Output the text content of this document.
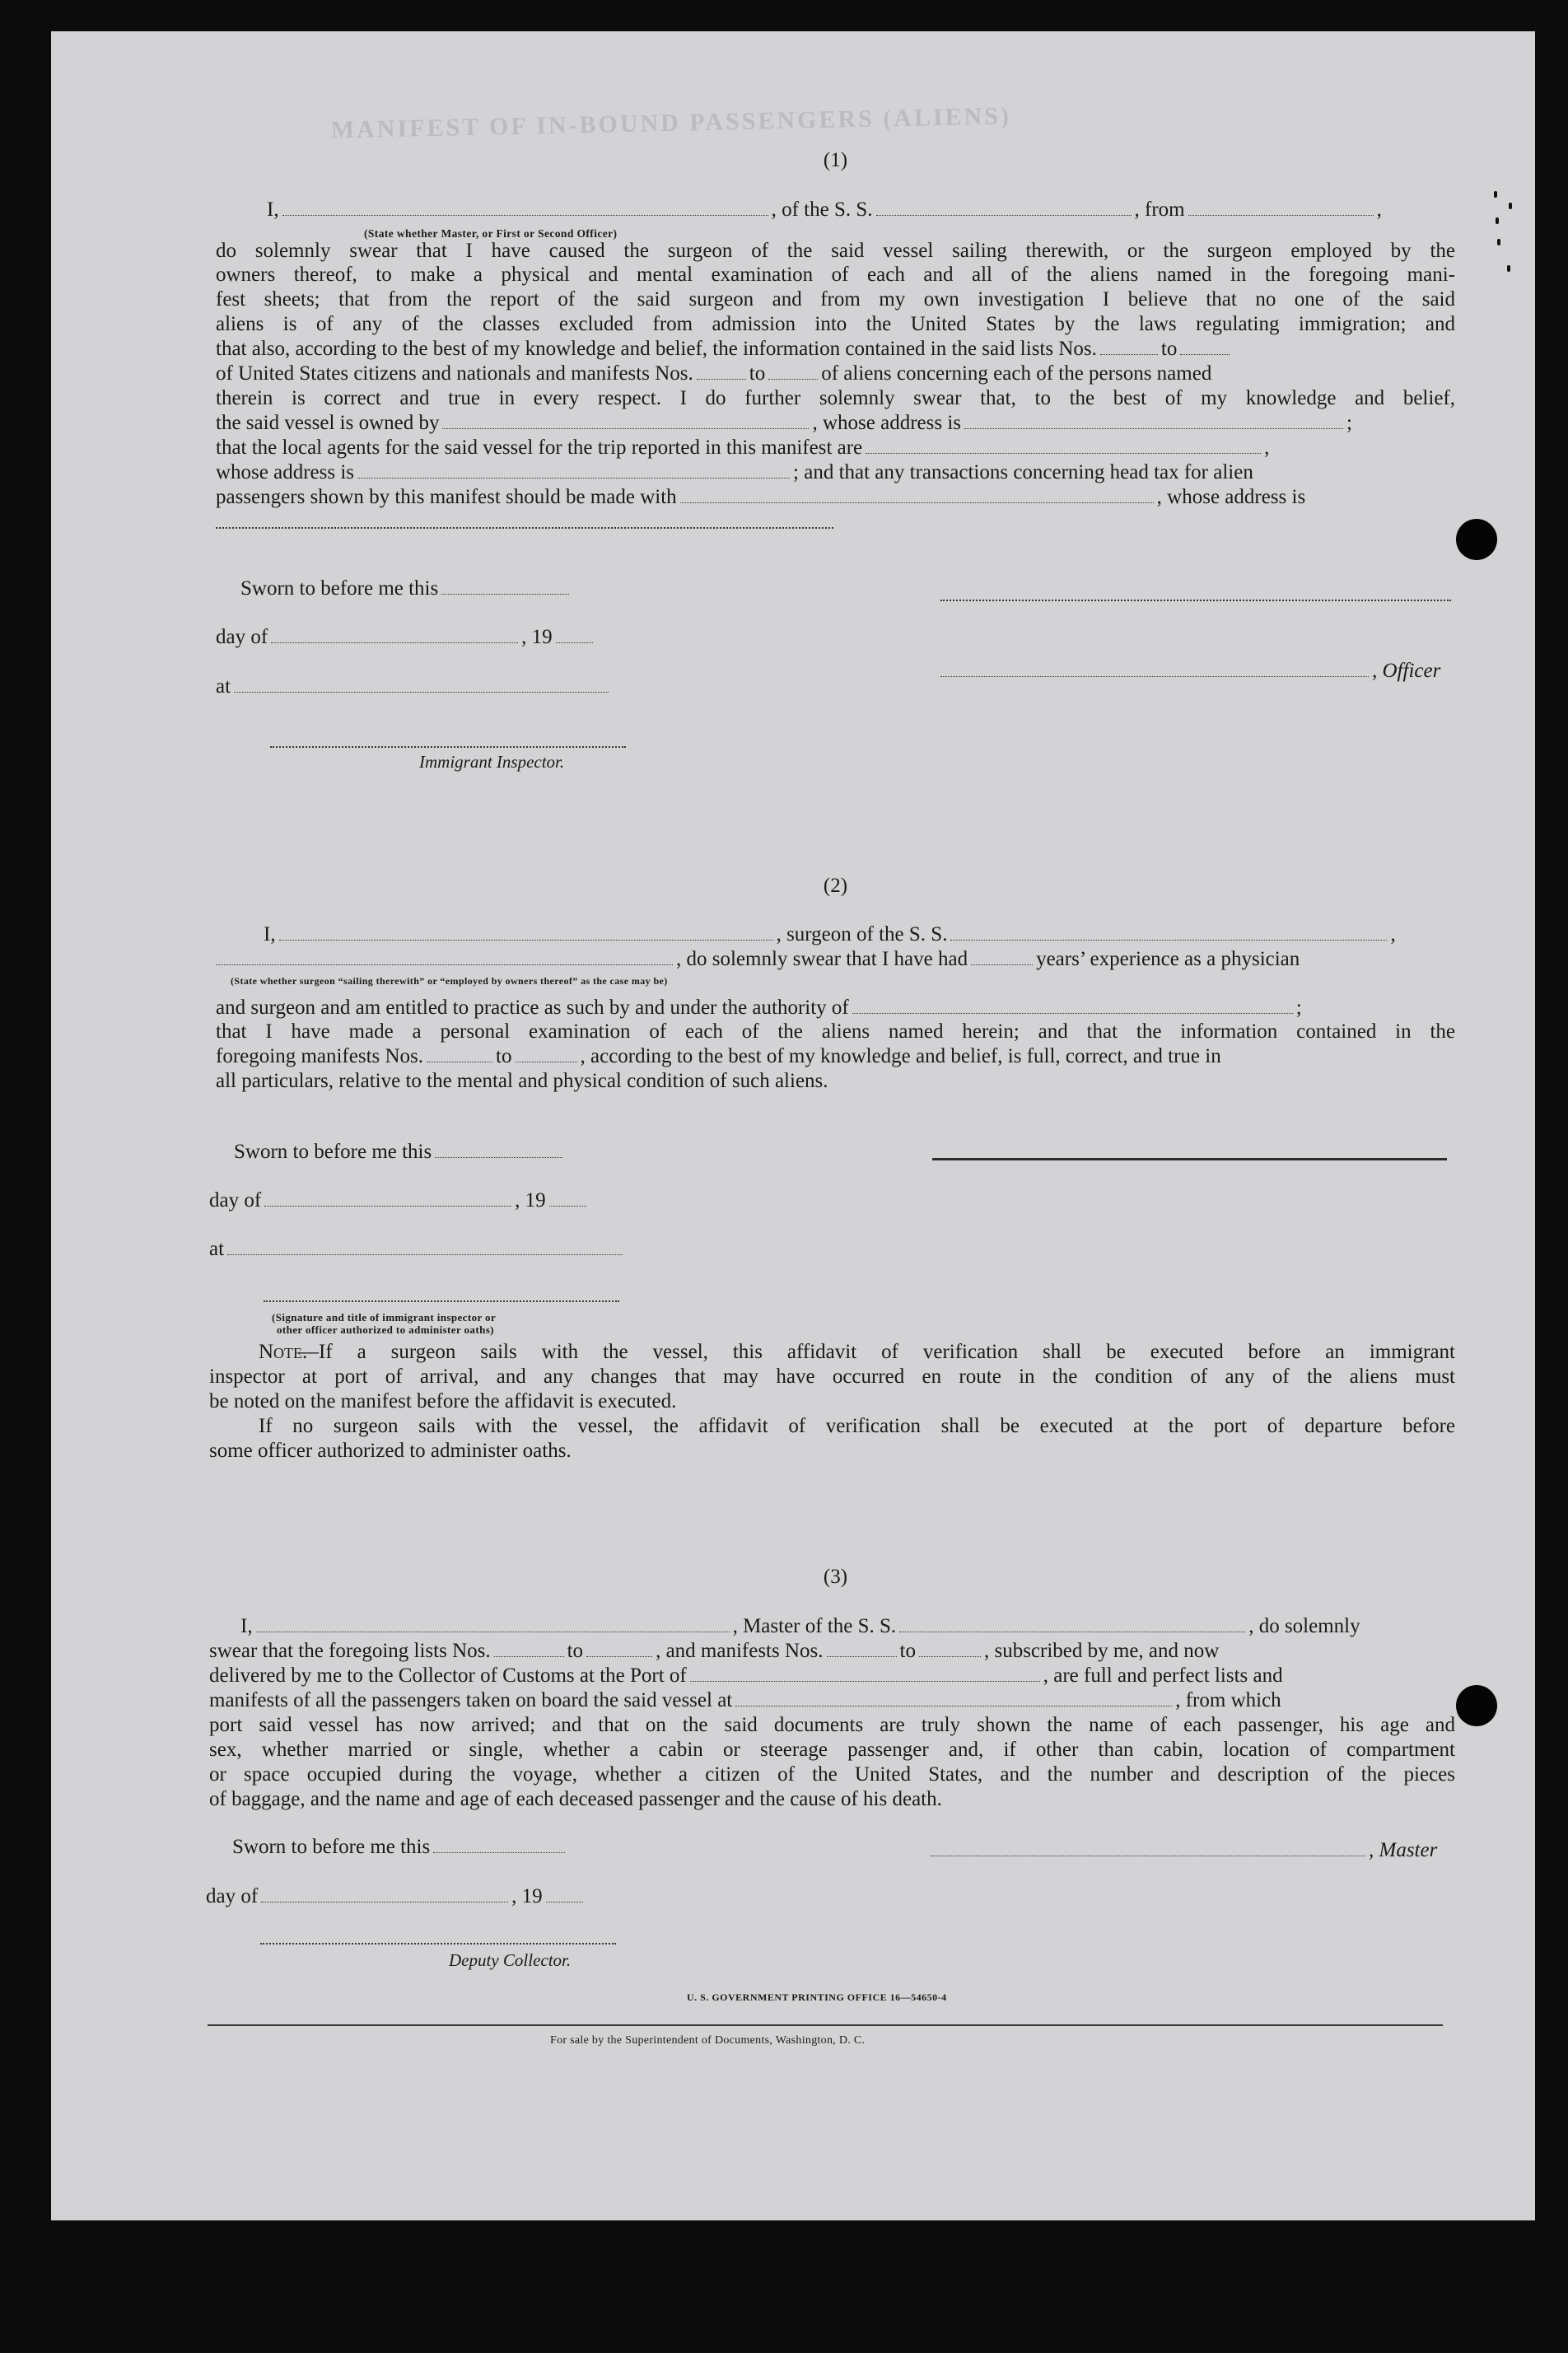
MANIFEST OF IN-BOUND PASSENGERS (ALIENS)
(1)
I,	, of the S. S.	, from	,
(State whether Master, or First or Second Officer)
do solemnly swear that I have caused the surgeon of the said vessel sailing therewith, or the surgeon employed by the
owners thereof, to make a physical and mental examination of each and all of the aliens named in the foregoing mani-
fest sheets; that from the report of the said surgeon and from my own investigation I believe that no one of the said
aliens is of any of the classes excluded from admission into the United States by the laws regulating immigration; and
that also, according to the best of my knowledge and belief, the information contained in the said lists Nos.	to
of United States citizens and nationals and manifests Nos.	to	of aliens concerning each of the persons named
therein is correct and true in every respect. I do further solemnly swear that, to the best of my knowledge and belief,
the said vessel is owned by	, whose address is	;
that the local agents for the said vessel for the trip reported in this manifest are	,
whose address is	; and that any transactions concerning head tax for alien
passengers shown by this manifest should be made with	, whose address is
Sworn to before me this
day of	, 19
, Officer
at
Immigrant Inspector.
(2)
I,	, surgeon of the S. S.	,
, do solemnly swear that I have had	years’ experience as a physician
(State whether surgeon “sailing therewith” or “employed by owners thereof” as the case may be)
and surgeon and am entitled to practice as such by and under the authority of	;
that I have made a personal examination of each of the aliens named herein; and that the information contained in the
foregoing manifests Nos.	to	, according to the best of my knowledge and belief, is full, correct, and true in
all particulars, relative to the mental and physical condition of such aliens.
Sworn to before me this
day of	, 19
at
(Signature and title of immigrant inspector or
other officer authorized to administer oaths)
Note.
—If a surgeon sails with the vessel, this affidavit of verification shall be executed before an immigrant
inspector at port of arrival, and any changes that may have occurred en route in the condition of any of the aliens must
be noted on the manifest before the affidavit is executed.
If no surgeon sails with the vessel, the affidavit of verification shall be executed at the port of departure before
some officer authorized to administer oaths.
(3)
I,	, Master of the S. S.	, do solemnly
swear that the foregoing lists Nos.	to	, and manifests Nos.	to	, subscribed by me, and now
delivered by me to the Collector of Customs at the Port of	, are full and perfect lists and
manifests of all the passengers taken on board the said vessel at	, from which
port said vessel has now arrived; and that on the said documents are truly shown the name of each passenger, his age and
sex, whether married or single, whether a cabin or steerage passenger and, if other than cabin, location of compartment
or space occupied during the voyage, whether a citizen of the United States, and the number and description of the pieces
of baggage, and the name and age of each deceased passenger and the cause of his death.
Sworn to before me this	, Master
day of	, 19
Deputy Collector.
U. S. GOVERNMENT PRINTING OFFICE 16—54650-4
For sale by the Superintendent of Documents, Washington, D. C.
